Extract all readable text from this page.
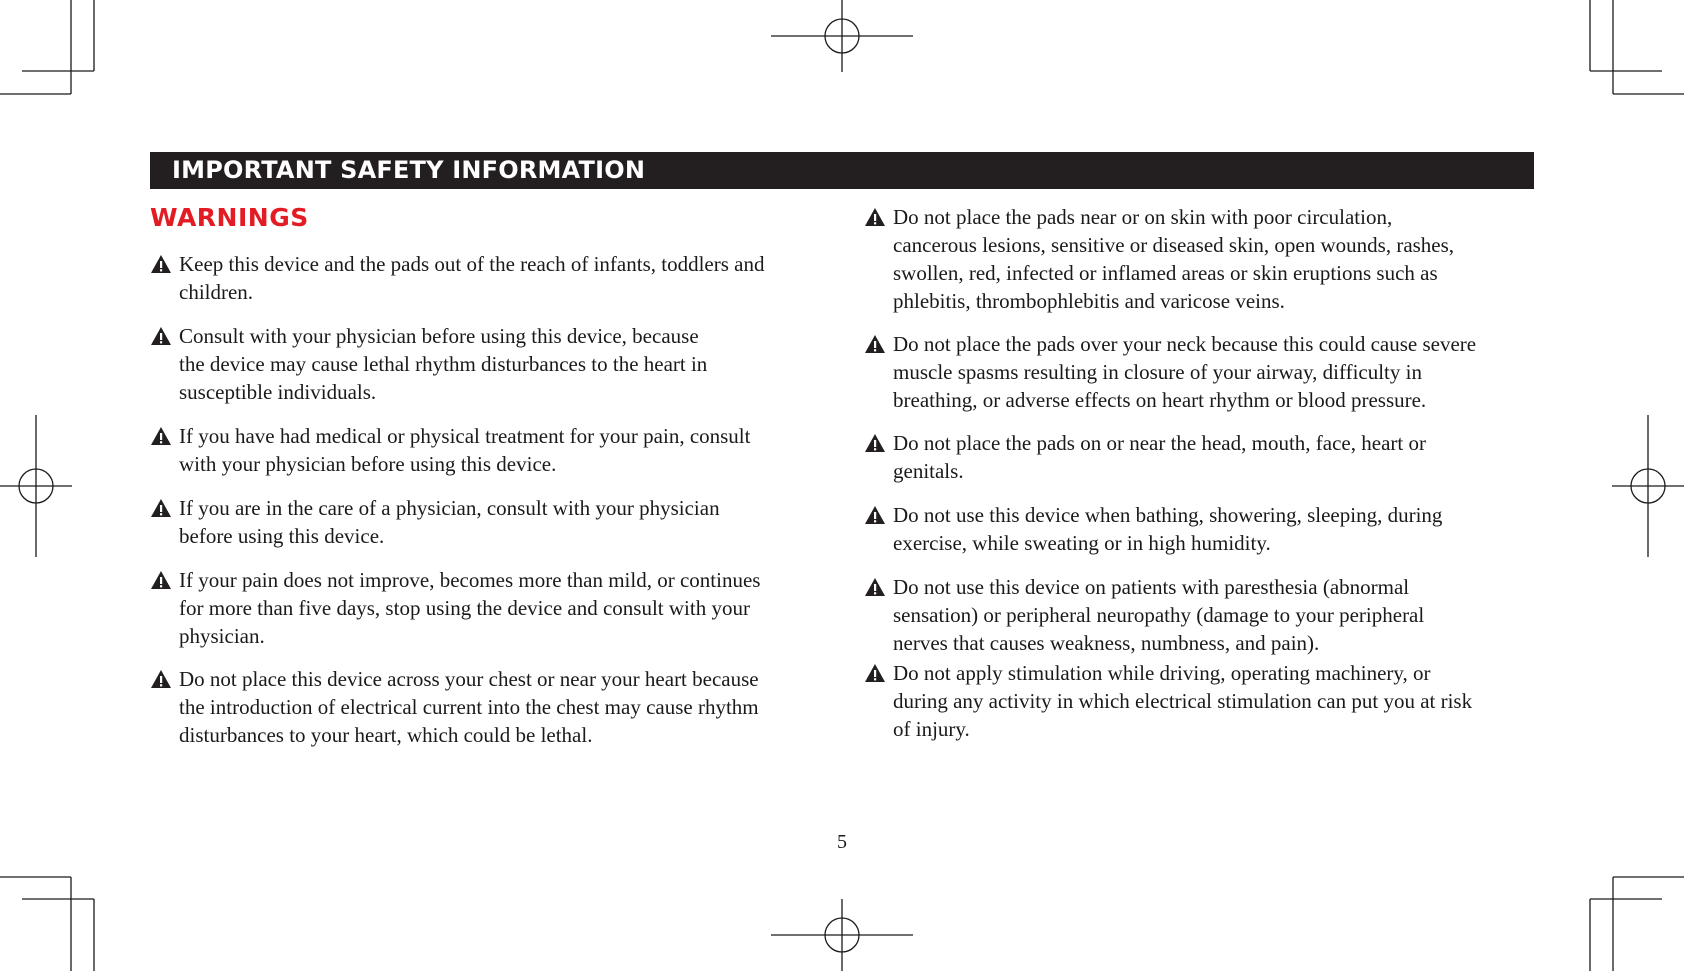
IMPORTANT SAFETY INFORMATION
WARNINGS
Keep this device and the pads out of the reach of infants, toddlers and
children.
Consult with your physician before using this device, because
the device may cause lethal rhythm disturbances to the heart in
susceptible individuals.
If you have had medical or physical treatment for your pain, consult
with your physician before using this device.
If you are in the care of a physician, consult with your physician
before using this device.
If your pain does not improve, becomes more than mild, or continues
for more than five days, stop using the device and consult with your
physician.
Do not place this device across your chest or near your heart because
the introduction of electrical current into the chest may cause rhythm
disturbances to your heart, which could be lethal.
Do not place the pads near or on skin with poor circulation,
cancerous lesions, sensitive or diseased skin, open wounds, rashes,
swollen, red, infected or inflamed areas or skin eruptions such as
phlebitis, thrombophlebitis and varicose veins.
Do not place the pads over your neck because this could cause severe
muscle spasms resulting in closure of your airway, difficulty in
breathing, or adverse effects on heart rhythm or blood pressure.
Do not place the pads on or near the head, mouth, face, heart or
genitals.
Do not use this device when bathing, showering, sleeping, during
exercise, while sweating or in high humidity.
Do not use this device on patients with paresthesia (abnormal
sensation) or peripheral neuropathy (damage to your peripheral
nerves that causes weakness, numbness, and pain).
Do not apply stimulation while driving, operating machinery, or
during any activity in which electrical stimulation can put you at risk
of injury.
5
